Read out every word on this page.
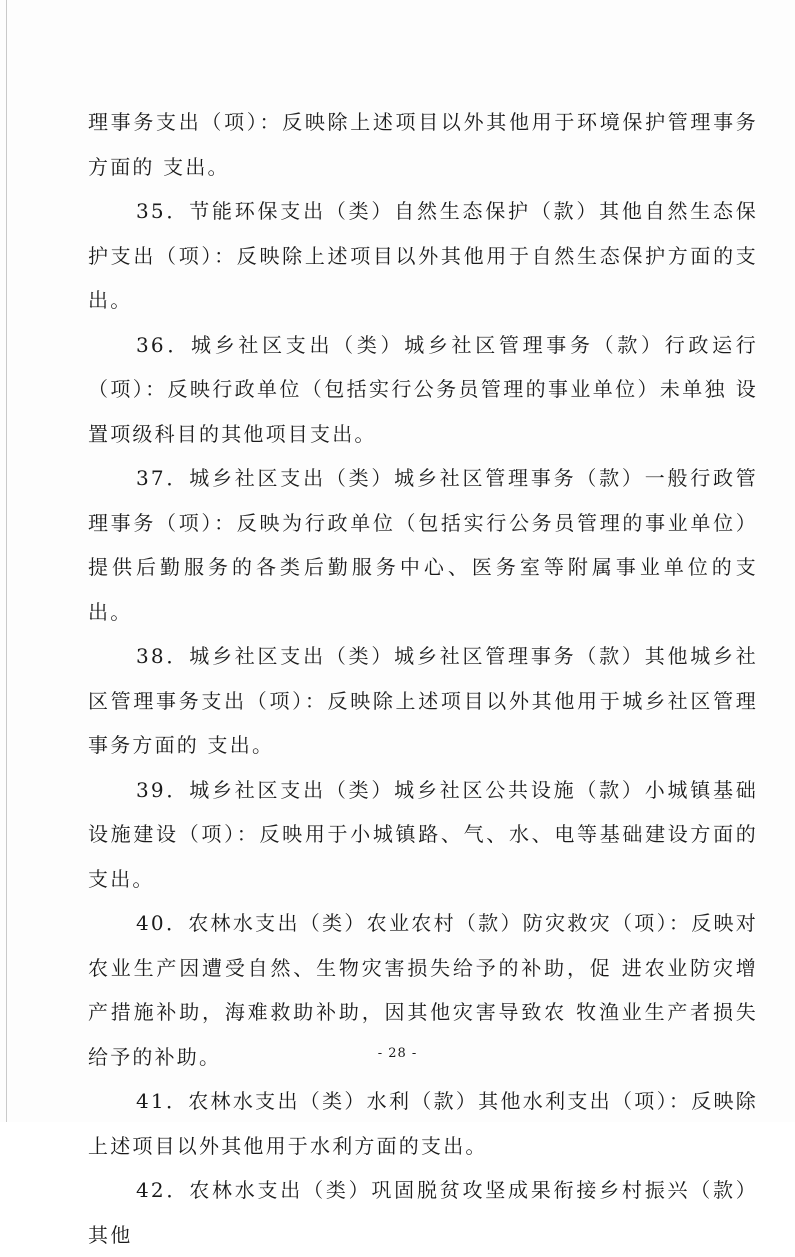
理事务支出（项）：反映除上述项目以外其他用于环境保护管理事务方面的 支出。

35．节能环保支出（类）自然生态保护（款）其他自然生态保护支出（项）：反映除上述项目以外其他用于自然生态保护方面的支出。

36．城乡社区支出（类）城乡社区管理事务（款）行政运行（项）：反映行政单位（包括实行公务员管理的事业单位）未单独 设置项级科目的其他项目支出。

37．城乡社区支出（类）城乡社区管理事务（款）一般行政管理事务（项）：反映为行政单位（包括实行公务员管理的事业单位）提供后勤服务的各类后勤服务中心、医务室等附属事业单位的支 出。

38．城乡社区支出（类）城乡社区管理事务（款）其他城乡社区管理事务支出（项）：反映除上述项目以外其他用于城乡社区管理事务方面的 支出。

39．城乡社区支出（类）城乡社区公共设施（款）小城镇基础设施建设（项）：反映用于小城镇路、气、水、电等基础建设方面的支出。

40．农林水支出（类）农业农村（款）防灾救灾（项）：反映对农业生产因遭受自然、生物灾害损失给予的补助，促 进农业防灾增产措施补助，海难救助补助，因其他灾害导致农 牧渔业生产者损失给予的补助。

41．农林水支出（类）水利（款）其他水利支出（项）：反映除上述项目以外其他用于水利方面的支出。

42．农林水支出（类）巩固脱贫攻坚成果衔接乡村振兴（款）其他

- 28 -
